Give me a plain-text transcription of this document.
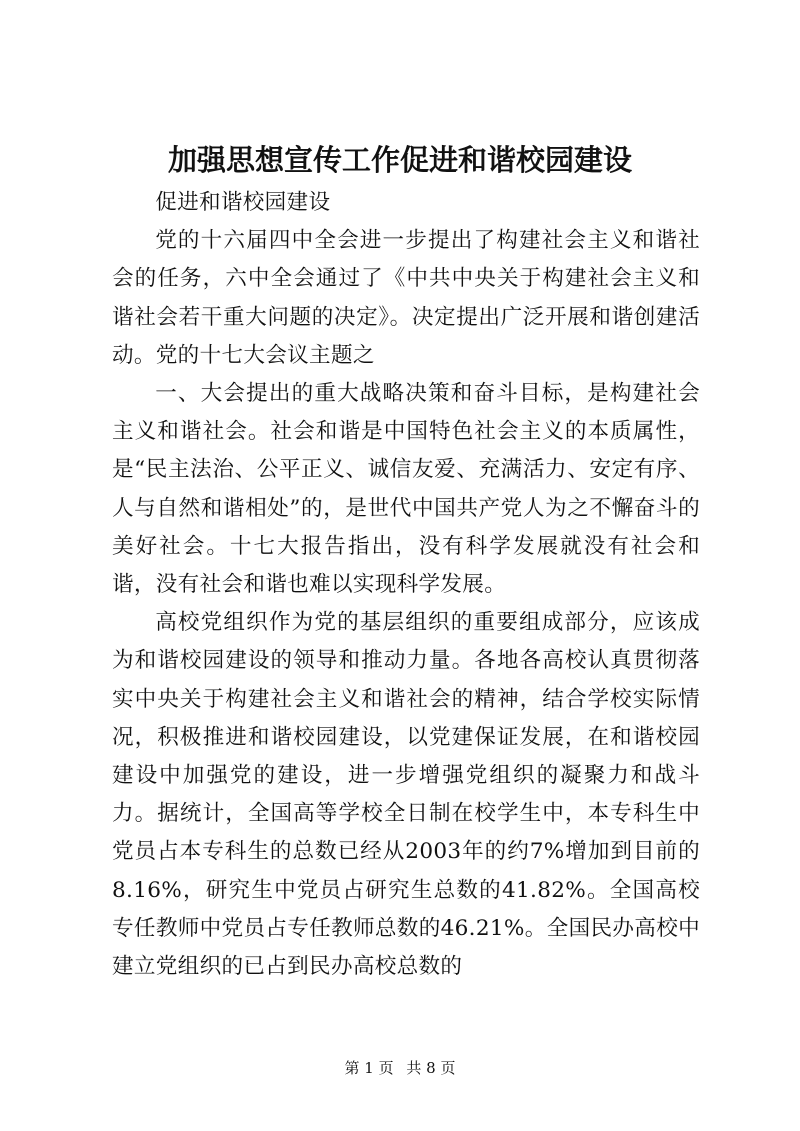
加强思想宣传工作促进和谐校园建设

促进和谐校园建设

党的十六届四中全会进一步提出了构建社会主义和谐社会的任务，六中全会通过了《中共中央关于构建社会主义和谐社会若干重大问题的决定》。决定提出广泛开展和谐创建活动。党的十七大会议主题之

一、大会提出的重大战略决策和奋斗目标，是构建社会主义和谐社会。社会和谐是中国特色社会主义的本质属性，是“民主法治、公平正义、诚信友爱、充满活力、安定有序、人与自然和谐相处”的，是世代中国共产党人为之不懈奋斗的美好社会。十七大报告指出，没有科学发展就没有社会和谐，没有社会和谐也难以实现科学发展。

高校党组织作为党的基层组织的重要组成部分，应该成为和谐校园建设的领导和推动力量。各地各高校认真贯彻落实中央关于构建社会主义和谐社会的精神，结合学校实际情况，积极推进和谐校园建设，以党建保证发展，在和谐校园建设中加强党的建设，进一步增强党组织的凝聚力和战斗力。据统计，全国高等学校全日制在校学生中，本专科生中党员占本专科生的总数已经从2003年的约7%增加到目前的8.16%，研究生中党员占研究生总数的41.82%。全国高校专任教师中党员占专任教师总数的46.21%。全国民办高校中建立党组织的已占到民办高校总数的

第 1 页 共 8 页
